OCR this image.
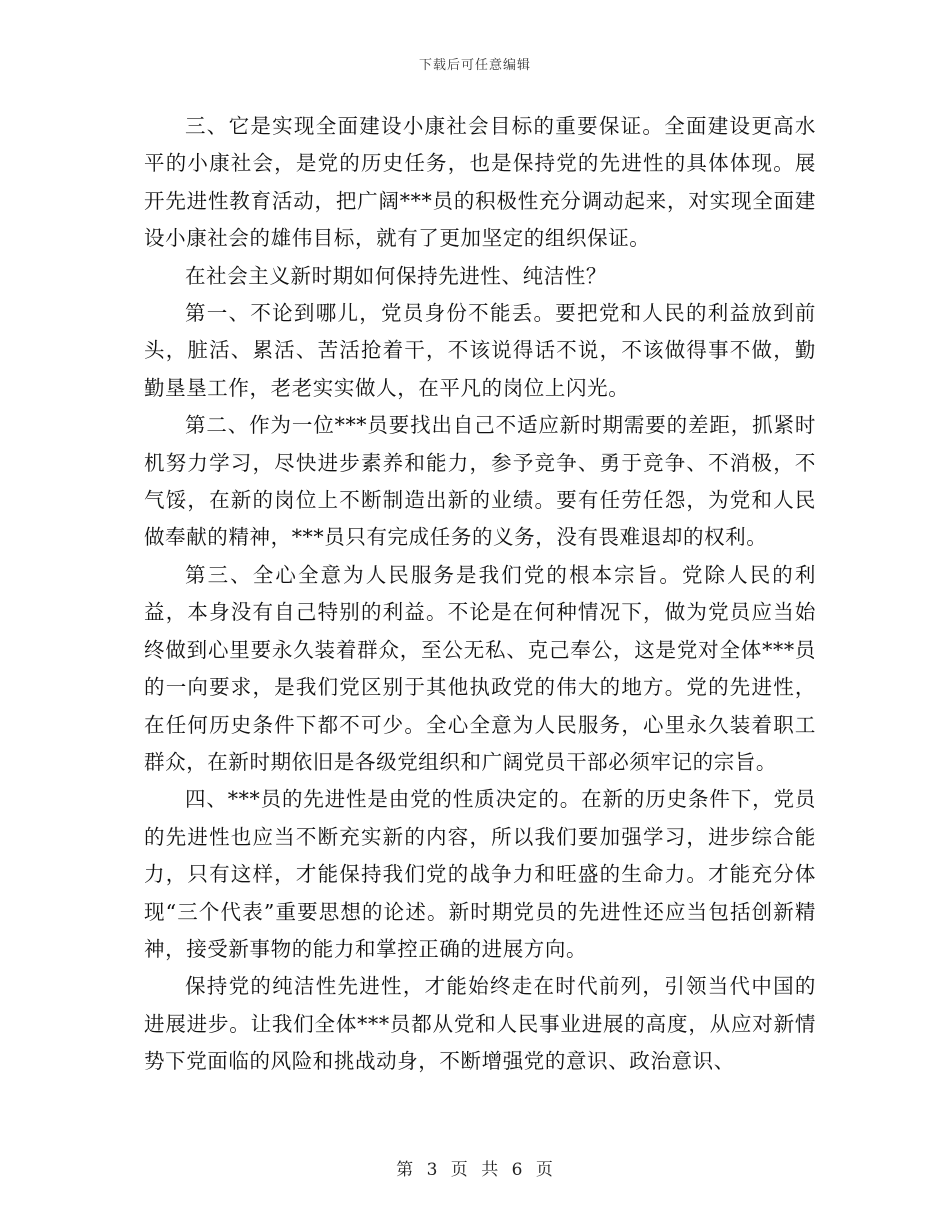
下载后可任意编辑

三、它是实现全面建设小康社会目标的重要保证。全面建设更高水平的小康社会，是党的历史任务，也是保持党的先进性的具体体现。展开先进性教育活动，把广阔***员的积极性充分调动起来，对实现全面建设小康社会的雄伟目标，就有了更加坚定的组织保证。

在社会主义新时期如何保持先进性、纯洁性？

第一、不论到哪儿，党员身份不能丢。要把党和人民的利益放到前头，脏活、累活、苦活抢着干，不该说得话不说，不该做得事不做，勤勤垦垦工作，老老实实做人，在平凡的岗位上闪光。

第二、作为一位***员要找出自己不适应新时期需要的差距，抓紧时机努力学习，尽快进步素养和能力，参予竞争、勇于竞争、不消极，不气馁，在新的岗位上不断制造出新的业绩。要有任劳任怨，为党和人民做奉献的精神，***员只有完成任务的义务，没有畏难退却的权利。

第三、全心全意为人民服务是我们党的根本宗旨。党除人民的利益，本身没有自己特别的利益。不论是在何种情况下，做为党员应当始终做到心里要永久装着群众，至公无私、克己奉公，这是党对全体***员的一向要求，是我们党区别于其他执政党的伟大的地方。党的先进性，在任何历史条件下都不可少。全心全意为人民服务，心里永久装着职工群众，在新时期依旧是各级党组织和广阔党员干部必须牢记的宗旨。

四、***员的先进性是由党的性质决定的。在新的历史条件下，党员的先进性也应当不断充实新的内容，所以我们要加强学习，进步综合能力，只有这样，才能保持我们党的战争力和旺盛的生命力。才能充分体现“三个代表”重要思想的论述。新时期党员的先进性还应当包括创新精神，接受新事物的能力和掌控正确的进展方向。

保持党的纯洁性先进性，才能始终走在时代前列，引领当代中国的进展进步。让我们全体***员都从党和人民事业进展的高度，从应对新情势下党面临的风险和挑战动身，不断增强党的意识、政治意识、

第 3 页 共 6 页
